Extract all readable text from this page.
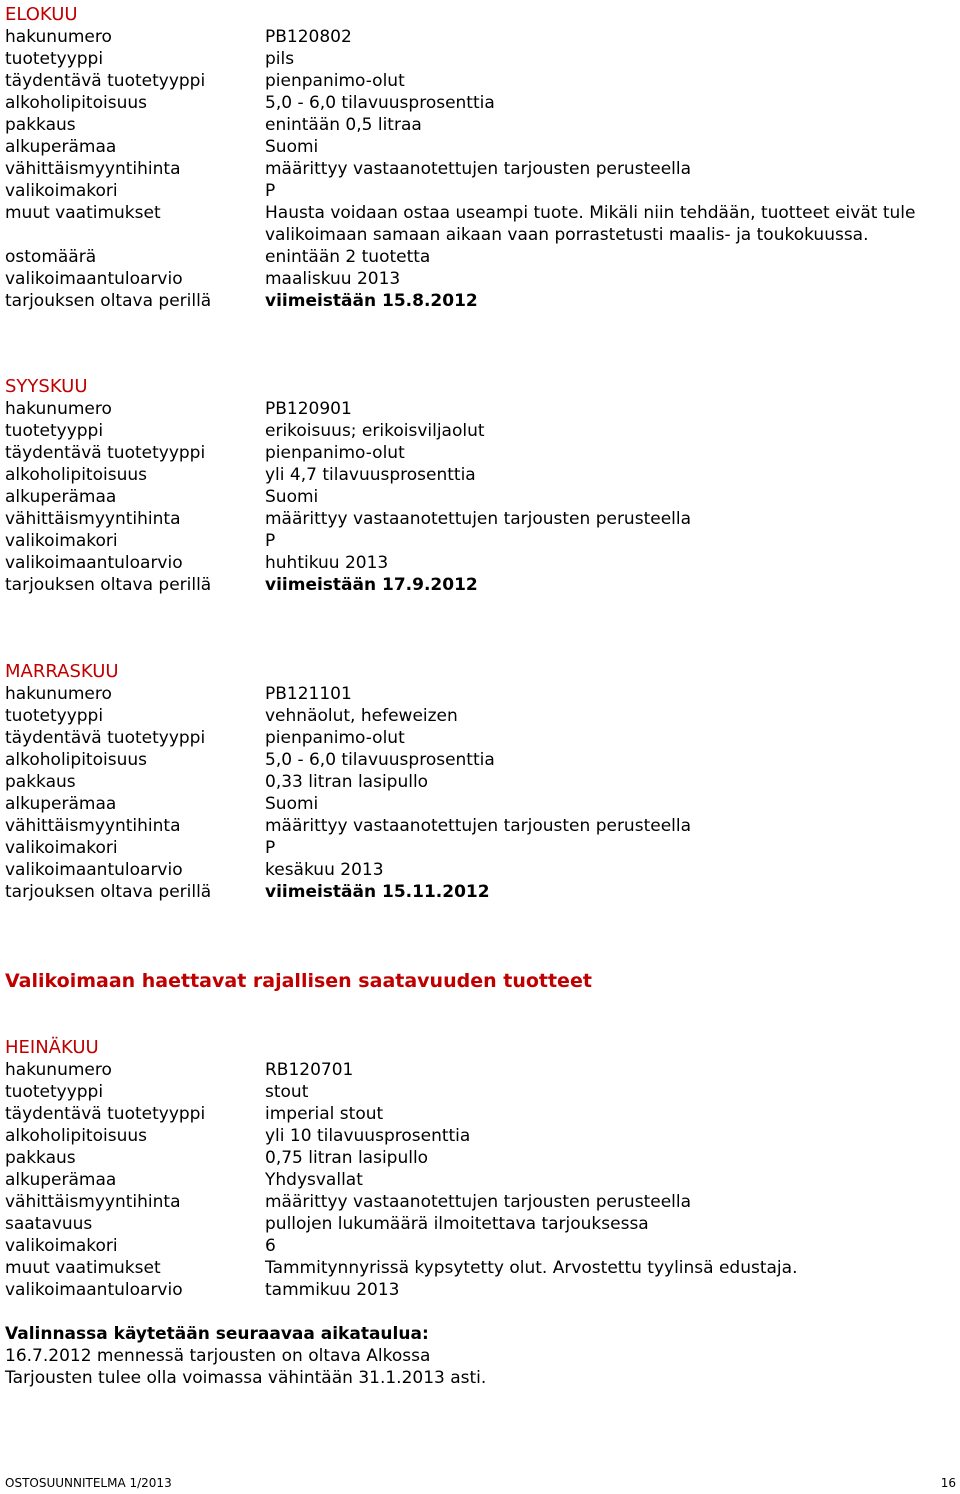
ELOKUU
hakunumero	PB120802
tuotetyyppi	pils
täydentävä tuotetyyppi	pienpanimo-olut
alkoholipitoisuus	5,0 - 6,0 tilavuusprosenttia
pakkaus	enintään 0,5 litraa
alkuperämaa	Suomi
vähittäismyyntihinta	määrittyy vastaanotettujen tarjousten perusteella
valikoimakori	P
muut vaatimukset	Hausta voidaan ostaa useampi tuote. Mikäli niin tehdään, tuotteet eivät tule valikoimaan samaan aikaan vaan porrastetusti maalis- ja toukokuussa.
ostomäärä	enintään 2 tuotetta
valikoimaantuloarvio	maaliskuu 2013
tarjouksen oltava perillä	viimeistään 15.8.2012
SYYSKUU
hakunumero	PB120901
tuotetyyppi	erikoisuus; erikoisviljaolut
täydentävä tuotetyyppi	pienpanimo-olut
alkoholipitoisuus	yli 4,7 tilavuusprosenttia
alkuperämaa	Suomi
vähittäismyyntihinta	määrittyy vastaanotettujen tarjousten perusteella
valikoimakori	P
valikoimaantuloarvio	huhtikuu 2013
tarjouksen oltava perillä	viimeistään 17.9.2012
MARRASKUU
hakunumero	PB121101
tuotetyyppi	vehnäolut, hefeweizen
täydentävä tuotetyyppi	pienpanimo-olut
alkoholipitoisuus	5,0 - 6,0 tilavuusprosenttia
pakkaus	0,33 litran lasipullo
alkuperämaa	Suomi
vähittäismyyntihinta	määrittyy vastaanotettujen tarjousten perusteella
valikoimakori	P
valikoimaantuloarvio	kesäkuu 2013
tarjouksen oltava perillä	viimeistään 15.11.2012
Valikoimaan haettavat rajallisen saatavuuden tuotteet
HEINÄKUU
hakunumero	RB120701
tuotetyyppi	stout
täydentävä tuotetyyppi	imperial stout
alkoholipitoisuus	yli 10 tilavuusprosenttia
pakkaus	0,75 litran lasipullo
alkuperämaa	Yhdysvallat
vähittäismyyntihinta	määrittyy vastaanotettujen tarjousten perusteella
saatavuus	pullojen lukumäärä ilmoitettava tarjouksessa
valikoimakori	6
muut vaatimukset	Tammitynnyrissä kypsytetty olut. Arvostettu tyylinsä edustaja.
valikoimaantuloarvio	tammikuu 2013
Valinnassa käytetään seuraavaa aikataulua:
16.7.2012 mennessä tarjousten on oltava Alkossa
Tarjousten tulee olla voimassa vähintään 31.1.2013 asti.
OSTOSUUNNITELMA 1/2013	16
